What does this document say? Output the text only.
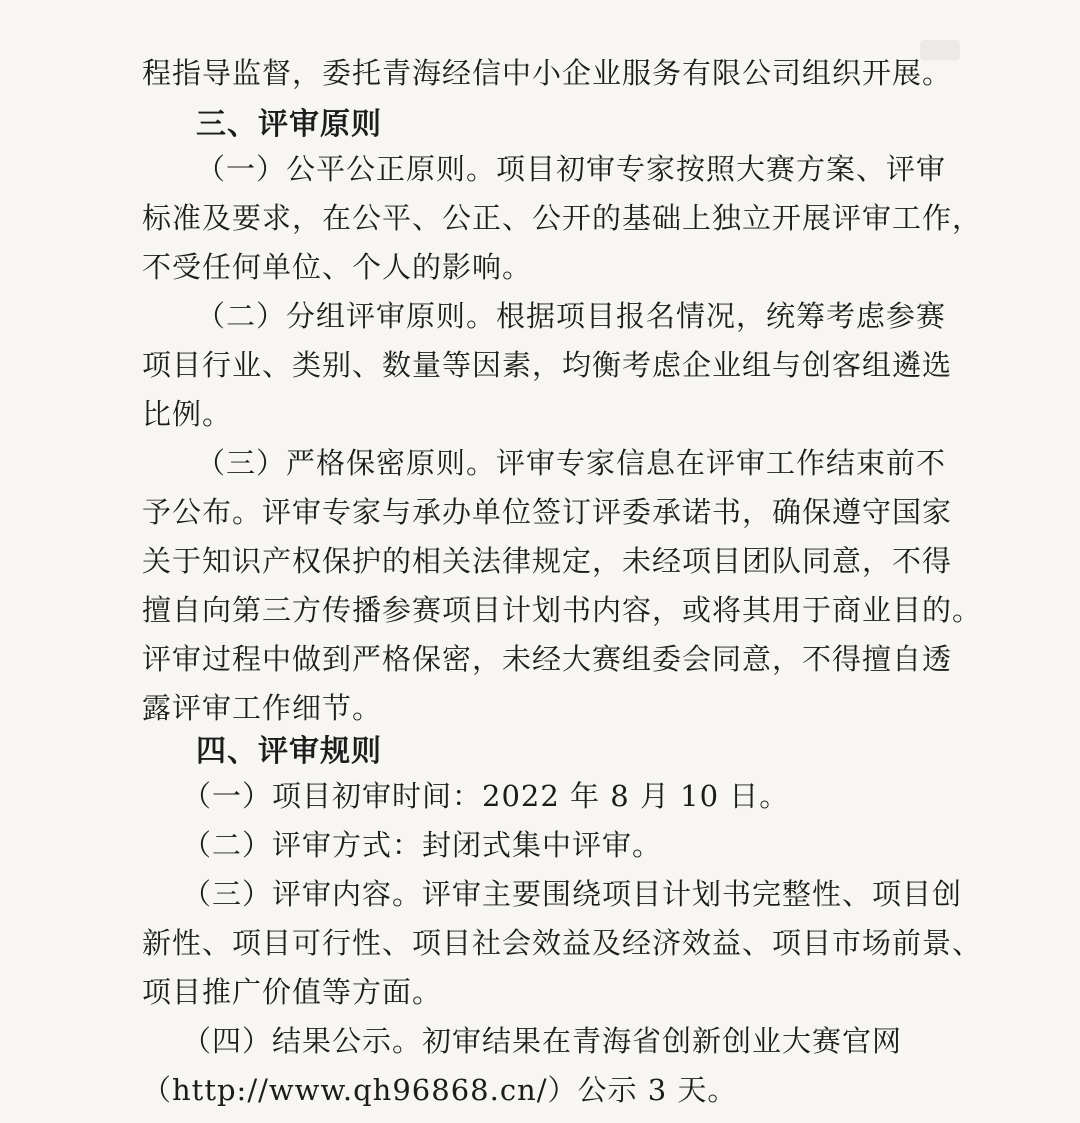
程指导监督，委托青海经信中小企业服务有限公司组织开展。
三、评审原则
（一）公平公正原则。项目初审专家按照大赛方案、评审
标准及要求，在公平、公正、公开的基础上独立开展评审工作，
不受任何单位、个人的影响。
（二）分组评审原则。根据项目报名情况，统筹考虑参赛
项目行业、类别、数量等因素，均衡考虑企业组与创客组遴选
比例。
（三）严格保密原则。评审专家信息在评审工作结束前不
予公布。评审专家与承办单位签订评委承诺书，确保遵守国家
关于知识产权保护的相关法律规定，未经项目团队同意，不得
擅自向第三方传播参赛项目计划书内容，或将其用于商业目的。
评审过程中做到严格保密，未经大赛组委会同意，不得擅自透
露评审工作细节。
四、评审规则
（一）项目初审时间：2022 年 8 月 10 日。
（二）评审方式：封闭式集中评审。
（三）评审内容。评审主要围绕项目计划书完整性、项目创
新性、项目可行性、项目社会效益及经济效益、项目市场前景、
项目推广价值等方面。
（四）结果公示。初审结果在青海省创新创业大赛官网
（http://www.qh96868.cn/）公示 3 天。
